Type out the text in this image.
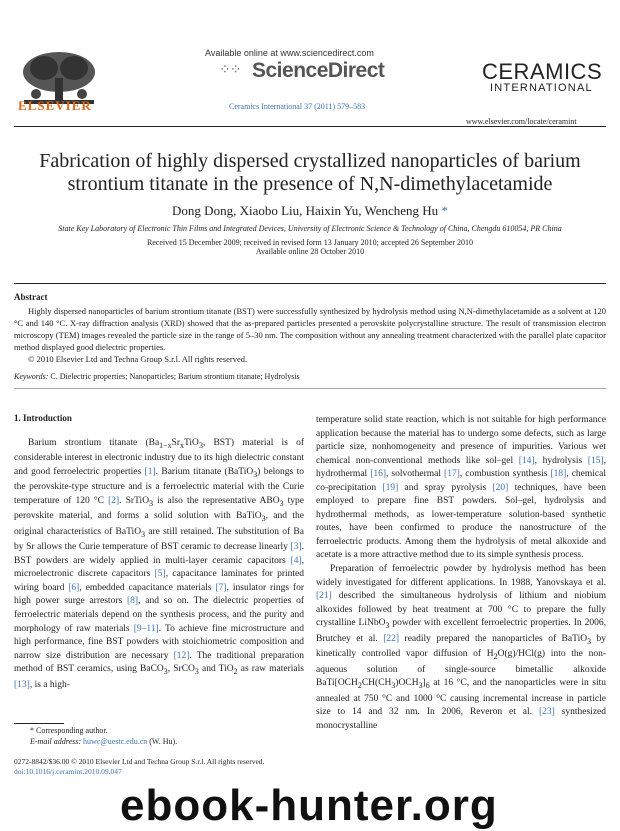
ELSEVIER
Available online at www.sciencedirect.com
⁘⁘ ScienceDirect
Ceramics International 37 (2011) 579–583
CERAMICS
INTERNATIONAL
www.elsevier.com/locate/ceramint
Fabrication of highly dispersed crystallized nanoparticles of barium
strontium titanate in the presence of N,N-dimethylacetamide
Dong Dong, Xiaobo Liu, Haixin Yu, Wencheng Hu *
State Key Laboratory of Electronic Thin Films and Integrated Devices, University of Electronic Science & Technology of China, Chengdu 610054, PR China
Received 15 December 2009; received in revised form 13 January 2010; accepted 26 September 2010
Available online 28 October 2010
Abstract
Highly dispersed nanoparticles of barium strontium titanate (BST) were successfully synthesized by hydrolysis method using N,N-dimethylacetamide as a solvent at 120 °C and 140 °C. X-ray diffraction analysis (XRD) showed that the as-prepared particles presented a perovskite polycrystalline structure. The result of transmission electron microscopy (TEM) images revealed the particle size in the range of 5–30 nm. The composition without any annealing treatment characterized with the parallel plate capacitor method displayed good dielectric properties.
© 2010 Elsevier Ltd and Techna Group S.r.l. All rights reserved.
Keywords: C. Dielectric properties; Nanoparticles; Barium strontium titanate; Hydrolysis
1. Introduction

Barium strontium titanate ($Ba_{1-x}Sr_xTiO_3$, BST) material is of considerable interest in electronic industry due to its high dielectric constant and good ferroelectric properties [1]. Barium titanate (BaTiO$_3$) belongs to the perovskite-type structure and is a ferroelectric material with the Curie temperature of 120 °C [2]. SrTiO$_3$ is also the representative $ABO_3$ type perovskite material, and forms a solid solution with BaTiO$_3$, and the original characteristics of BaTiO$_3$ are still retained. The substitution of Ba by Sr allows the Curie temperature of BST ceramic to decrease linearly [3]. BST powders are widely applied in multi-layer ceramic capacitors [4], microelectronic discrete capacitors [5], capacitance laminates for printed wiring board [6], embedded capacitance materials [7], insulator rings for high power surge arrestors [8], and so on. The dielectric properties of ferroelectric materials depend on the synthesis process, and the purity and morphology of raw materials [9–11]. To achieve fine microstructure and high performance, fine BST powders with stoichiometric composition and narrow size distribution are necessary [12]. The traditional preparation method of BST ceramics, using BaCO$_3$, SrCO$_3$ and TiO$_2$ as raw materials [13], is a high-

temperature solid state reaction, which is not suitable for high performance application because the material has to undergo some defects, such as large particle size, nonhomogeneity and presence of impurities. Various wet chemical non-conventional methods like sol–gel [14], hydrolysis [15], hydrothermal [16], solvothermal [17], combustion synthesis [18], chemical co-precipitation [19] and spray pyrolysis [20] techniques, have been employed to prepare fine BST powders. Sol–gel, hydrolysis and hydrothermal methods, as lower-temperature solution-based synthetic routes, have been confirmed to produce the nanostructure of the ferroelectric products. Among them the hydrolysis of metal alkoxide and acetate is a more attractive method due to its simple synthesis process.

Preparation of ferroelectric powder by hydrolysis method has been widely investigated for different applications. In 1988, Yanovskaya et al. [21] described the simultaneous hydrolysis of lithium and niobium alkoxides followed by heat treatment at 700 °C to prepare the fully crystalline LiNbO$_3$ powder with excellent ferroelectric properties. In 2006, Brutchey et al. [22] readily prepared the nanoparticles of BaTiO$_3$ by kinetically controlled vapor diffusion of $H_2O(g)/HCl(g)$ into the non-aqueous solution of single-source bimetallic alkoxide $BaTi[OCH_2CH(CH_3)OCH_3]_6$ at 16 °C, and the nanoparticles were in situ annealed at 750 °C and 1000 °C causing incremental increase in particle size to 14 and 32 nm. In 2006, Reveron et al. [23] synthesized monocrystalline

* Corresponding author.
E-mail address: huwc@uestc.edu.cn (W. Hu).
0272-8842/$36.00 © 2010 Elsevier Ltd and Techna Group S.r.l. All rights reserved.
doi:10.1016/j.ceramint.2010.09.047
ebook-hunter.org
